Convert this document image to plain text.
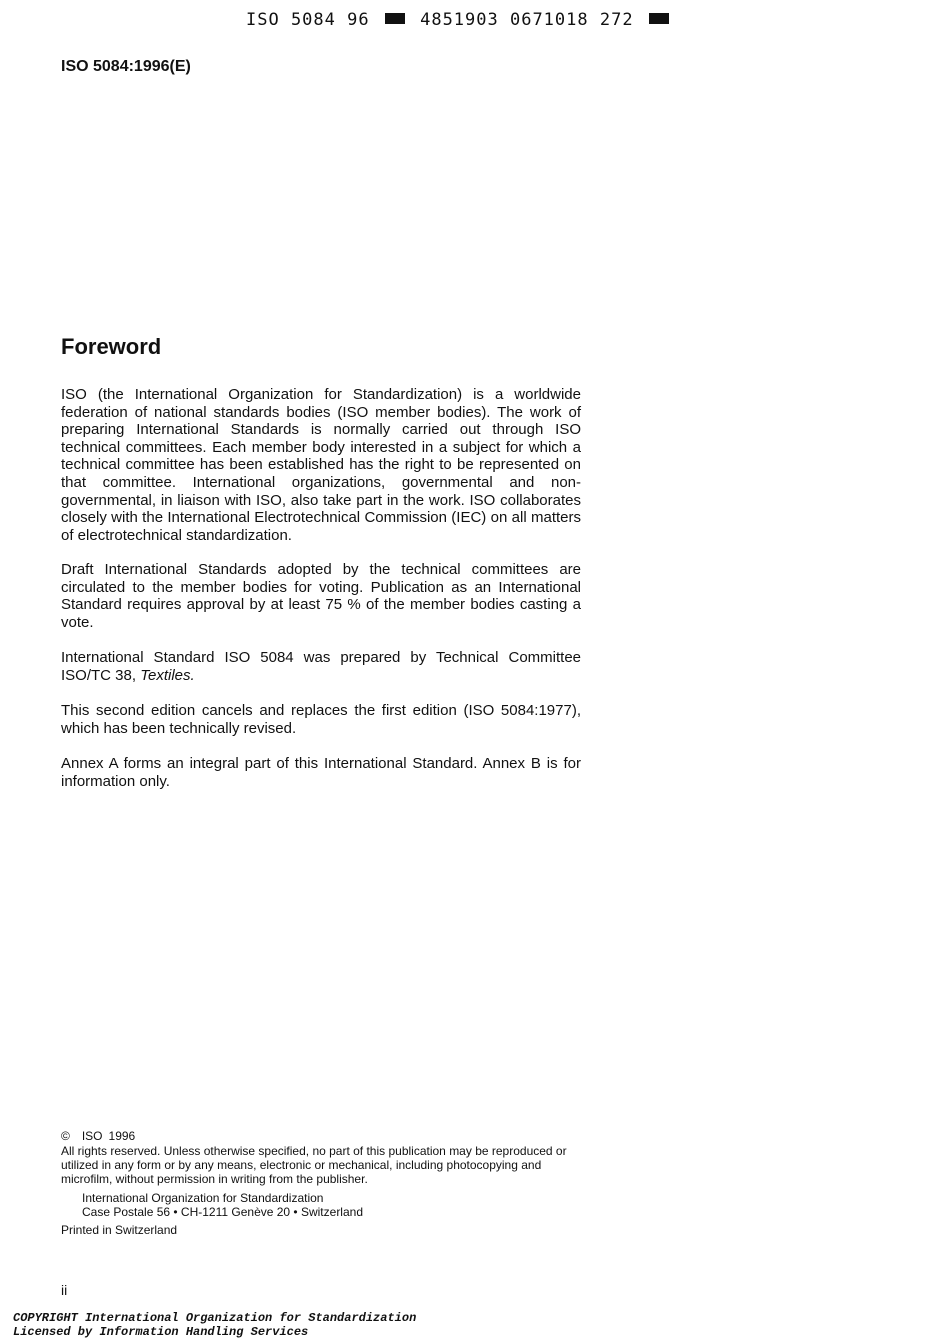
ISO 5084 96	4851903 0671018 272
ISO 5084:1996(E)
Foreword

ISO (the International Organization for Standardization) is a worldwide federation of national standards bodies (ISO member bodies). The work of preparing International Standards is normally carried out through ISO technical committees. Each member body interested in a subject for which a technical committee has been established has the right to be represented on that committee. International organizations, governmental and non-governmental, in liaison with ISO, also take part in the work. ISO collaborates closely with the International Electrotechnical Commission (IEC) on all matters of electrotechnical standardization.

Draft International Standards adopted by the technical committees are circulated to the member bodies for voting. Publication as an International Standard requires approval by at least 75 % of the member bodies casting a vote.

International Standard ISO 5084 was prepared by Technical Committee ISO/TC 38, Textiles.

This second edition cancels and replaces the first edition (ISO 5084:1977), which has been technically revised.

Annex A forms an integral part of this International Standard. Annex B is for information only.

© ISO 1996
All rights reserved. Unless otherwise specified, no part of this publication may be reproduced or utilized in any form or by any means, electronic or mechanical, including photocopying and microfilm, without permission in writing from the publisher.
International Organization for Standardization
Case Postale 56 • CH-1211 Genève 20 • Switzerland
Printed in Switzerland
ii
COPYRIGHT International Organization for Standardization
Licensed by Information Handling Services
